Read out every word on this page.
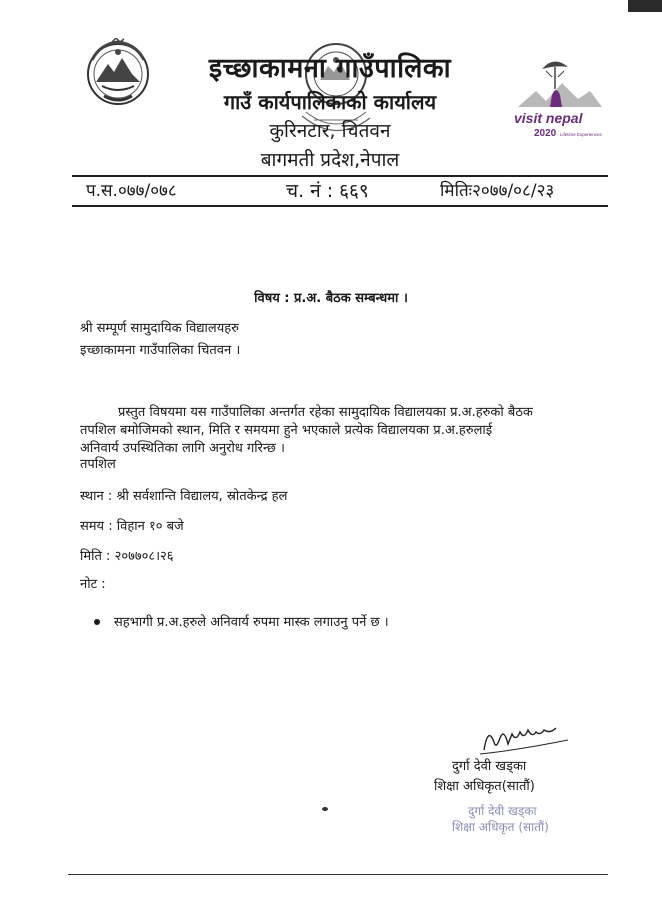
इच्छाकामना गाउँपालिका
गाउँ कार्यपालिकाको कार्यालय
कुरिनटार, चितवन
बागमती प्रदेश,नेपाल
visit nepal
2020 Lifetime Experiences
प.स.०७७/०७८	च. नं : ६६९	मितिः२०७७/०८/२३
विषय : प्र.अ. बैठक सम्बन्धमा ।
श्री सम्पूर्ण सामुदायिक विद्यालयहरु
इच्छाकामना गाउँपालिका चितवन ।
प्रस्तुत विषयमा यस गाउँपालिका अन्तर्गत रहेका सामुदायिक विद्यालयका प्र.अ.हरुको बैठक
तपशिल बमोजिमको स्थान, मिति र समयमा हुने भएकाले प्रत्येक विद्यालयका प्र.अ.हरुलाई
अनिवार्य उपस्थितिका लागि अनुरोध गरिन्छ ।
तपशिल
स्थान : श्री सर्वशान्ति विद्यालय, स्रोतकेन्द्र हल
समय : विहान १० बजे
मिति : २०७७०८।२६
नोट :
सहभागी प्र.अ.हरुले अनिवार्य रुपमा मास्क लगाउनु पर्ने छ ।
दुर्गा देवी खड्का
शिक्षा अधिकृत(सातौं)
दुर्गा देवी खड्का
शिक्षा अधिकृत (सातौं)
